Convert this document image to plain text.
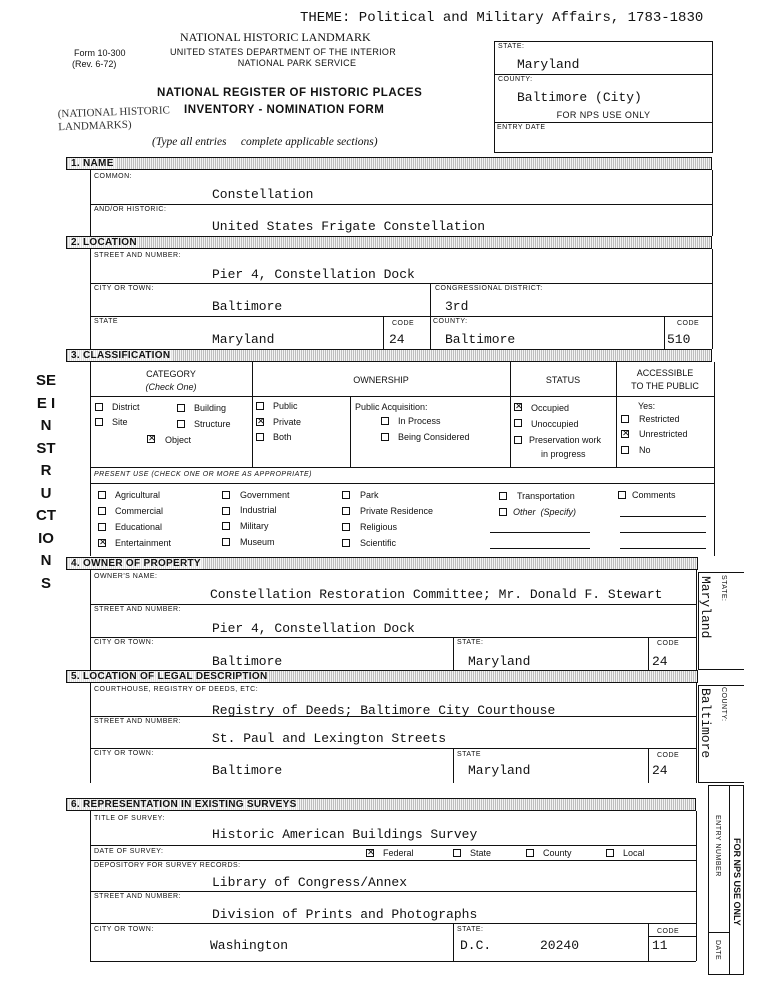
THEME: Political and Military Affairs, 1783-1830
NATIONAL HISTORIC LANDMARK
Form 10-300
(Rev. 6-72)
UNITED STATES DEPARTMENT OF THE INTERIOR
NATIONAL PARK SERVICE
NATIONAL REGISTER OF HISTORIC PLACES
INVENTORY - NOMINATION FORM
(NATIONAL HISTORIC LANDMARKS)
(Type all entries     complete applicable sections)
STATE:
Maryland
COUNTY:
Baltimore (City)
FOR NPS USE ONLY
ENTRY DATE
SEE INSTRUCTIONS
1. NAME
COMMON:
Constellation
AND/OR HISTORIC:
United States Frigate Constellation
2. LOCATION
STREET AND NUMBER:
Pier 4, Constellation Dock
CITY OR TOWN:
Baltimore
CONGRESSIONAL DISTRICT:
3rd
STATE
Maryland
CODE
24
COUNTY:
Baltimore
CODE
510
3. CLASSIFICATION
CATEGORY
(Check One)
OWNERSHIP	STATUS
ACCESSIBLE
TO THE PUBLIC
District	Building
Site	Structure
✕ Object
Public
✕ Private
Both
Public Acquisition:
In Process
Being Considered
✕ Occupied
Unoccupied
Preservation work
in progress
Yes:
Restricted
✕ Unrestricted
No
PRESENT USE (CHECK ONE OR MORE AS APPROPRIATE)
Agricultural
Commercial
Educational
✕ Entertainment
Government
Industrial
Military
Museum
Park
Private Residence
Religious
Scientific
Transportation
Other  (Specify)
Comments
4. OWNER OF PROPERTY
OWNER'S NAME:
Constellation Restoration Committee; Mr. Donald F. Stewart
STREET AND NUMBER:
Pier 4, Constellation Dock
CITY OR TOWN:
Baltimore
STATE:
Maryland
CODE
24
Maryland STATE:
5. LOCATION OF LEGAL DESCRIPTION
COURTHOUSE, REGISTRY OF DEEDS, ETC:
Registry of Deeds; Baltimore City Courthouse
STREET AND NUMBER:
St. Paul and Lexington Streets
CITY OR TOWN:
Baltimore
STATE
Maryland
CODE
24
Baltimore COUNTY:
6. REPRESENTATION IN EXISTING SURVEYS
TITLE OF SURVEY:
Historic American Buildings Survey
DATE OF SURVEY:	✕ Federal	State	County	Local
DEPOSITORY FOR SURVEY RECORDS:
Library of Congress/Annex
STREET AND NUMBER:
Division of Prints and Photographs
CITY OR TOWN:
Washington
STATE:
D.C.	20240
CODE
11
ENTRY NUMBER
DATE
FOR NPS USE ONLY
